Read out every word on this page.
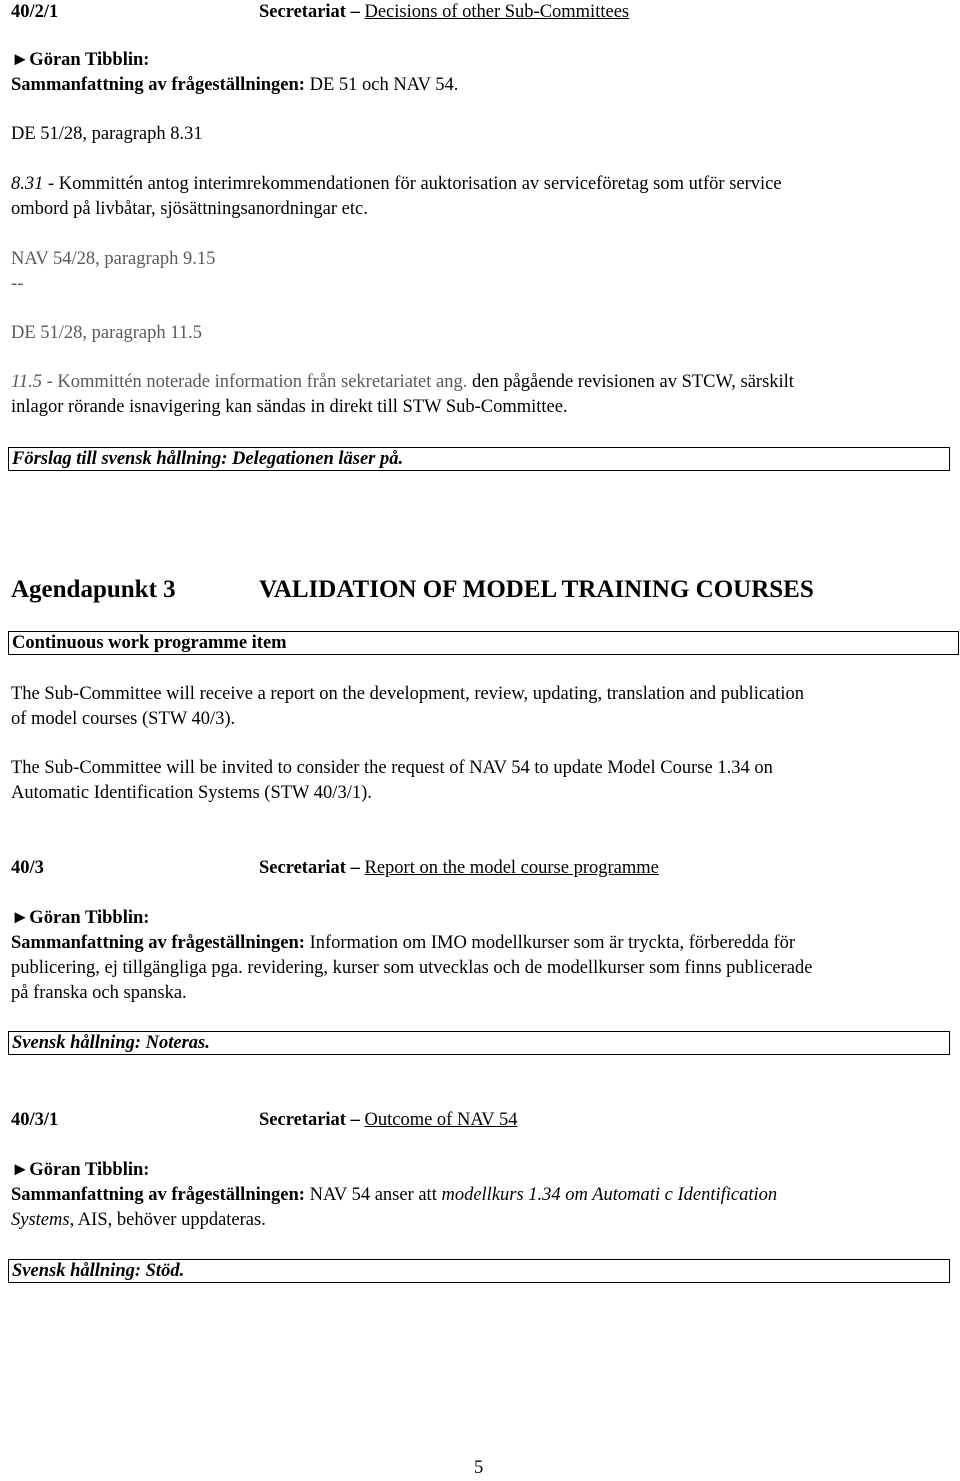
40/2/1	Secretariat – Decisions of other Sub-Committees
►Göran Tibblin:
Sammanfattning av frågeställningen: DE 51 och NAV 54.
DE 51/28, paragraph 8.31
8.31 - Kommittén antog interimrekommendationen för auktorisation av serviceföretag som utför service
ombord på livbåtar, sjösättningsanordningar etc.
NAV 54/28, paragraph 9.15
--
DE 51/28, paragraph 11.5
11.5 - Kommittén noterade information från sekretariatet ang. den pågående revisionen av STCW, särskilt
inlagor rörande isnavigering kan sändas in direkt till STW Sub-Committee.
Förslag till svensk hållning: Delegationen läser på.
Agendapunkt 3	VALIDATION OF MODEL TRAINING COURSES
Continuous work programme item
The Sub-Committee will receive a report on the development, review, updating, translation and publication
of model courses (STW 40/3).
The Sub-Committee will be invited to consider the request of NAV 54 to update Model Course 1.34 on
Automatic Identification Systems (STW 40/3/1).
40/3	Secretariat – Report on the model course programme
►Göran Tibblin:
Sammanfattning av frågeställningen: Information om IMO modellkurser som är tryckta, förberedda för
publicering, ej tillgängliga pga. revidering, kurser som utvecklas och de modellkurser som finns publicerade
på franska och spanska.
Svensk hållning: Noteras.
40/3/1	Secretariat – Outcome of NAV 54
►Göran Tibblin:
Sammanfattning av frågeställningen: NAV 54 anser att modellkurs 1.34 om Automati c Identification
Systems, AIS, behöver uppdateras.
Svensk hållning: Stöd.
5
